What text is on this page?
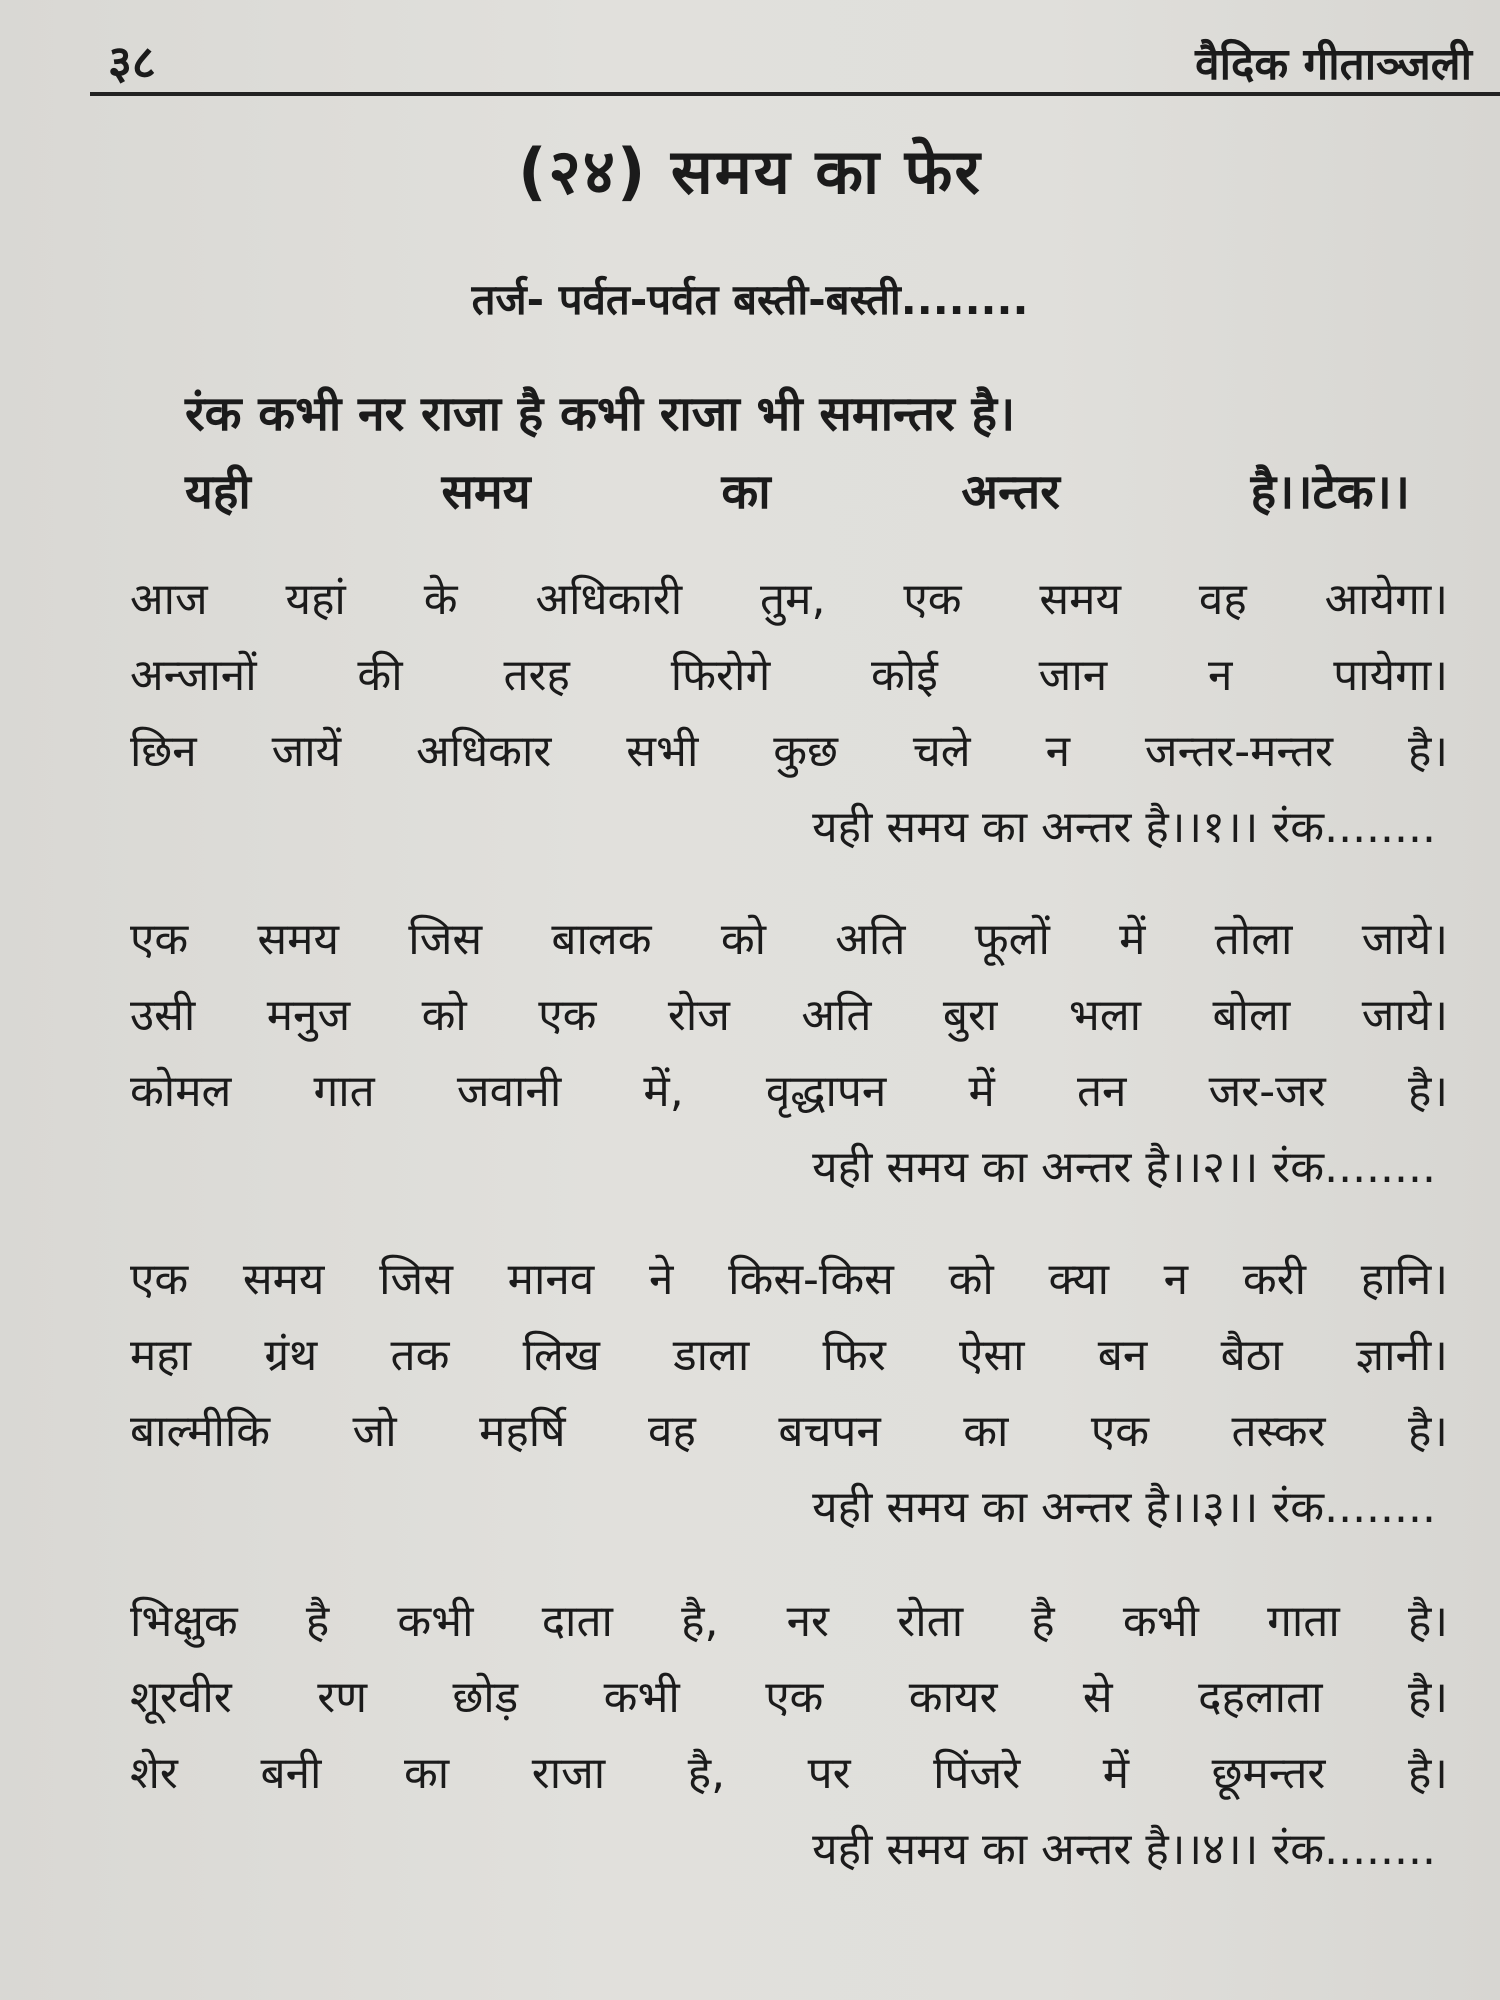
३८	वैदिक गीताञ्जली
(२४) समय का फेर
तर्ज- पर्वत-पर्वत बस्ती-बस्ती........
रंक कभी नर राजा है कभी राजा भी समान्तर है।
यही	समय	का	अन्तर	है।।टेक।।
आज यहां के अधिकारी तुम, एक समय वह आयेगा।
अन्जानों की तरह फिरोगे कोई जान न पायेगा।
छिन जायें अधिकार सभी कुछ चले न जन्तर-मन्तर है।
यही समय का अन्तर है।।१।। रंक........
एक समय जिस बालक को अति फूलों में तोला जाये।
उसी मनुज को एक रोज अति बुरा भला बोला जाये।
कोमल गात जवानी में, वृद्धापन में तन जर-जर है।
यही समय का अन्तर है।।२।। रंक........
एक समय जिस मानव ने किस-किस को क्या न करी हानि।
महा ग्रंथ तक लिख डाला फिर ऐसा बन बैठा ज्ञानी।
बाल्मीकि जो महर्षि वह बचपन का एक तस्कर है।
यही समय का अन्तर है।।३।। रंक........
भिक्षुक है कभी दाता है, नर रोता है कभी गाता है।
शूरवीर रण छोड़ कभी एक कायर से दहलाता है।
शेर बनी का राजा है, पर पिंजरे में छूमन्तर है।
यही समय का अन्तर है।।४।। रंक........
